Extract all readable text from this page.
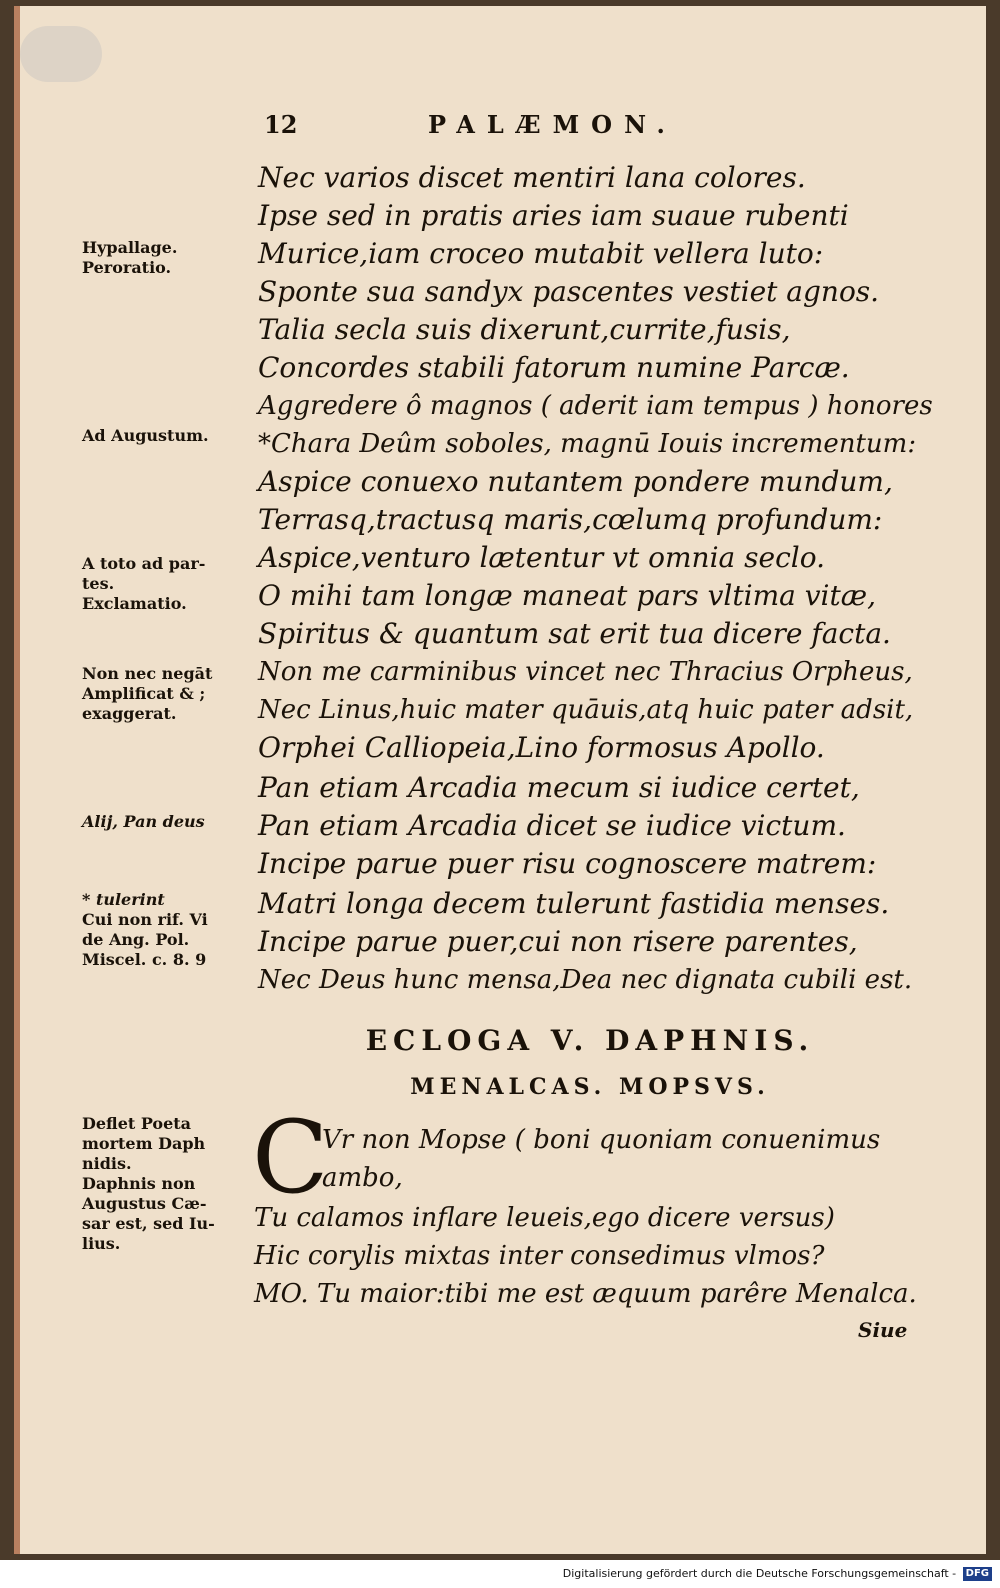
12	PALÆMON.
Nec varios discet mentiri lana colores.
Ipse sed in pratis aries iam suaue rubenti
Murice,iam croceo mutabit vellera luto:
Sponte sua sandyx pascentes vestiet agnos.
Talia secla suis dixerunt,currite,fusis,
Concordes stabili fatorum numine Parcæ.
Aggredere ô magnos ( aderit iam tempus ) honores
*Chara Deûm soboles, magnū Iouis incrementum:
Aspice conuexo nutantem pondere mundum,
Terrasq,tractusq maris,cœlumq profundum:
Aspice,venturo lætentur vt omnia seclo.
O mihi tam longæ maneat pars vltima vitæ,
Spiritus & quantum sat erit tua dicere facta.
Non me carminibus vincet nec Thracius Orpheus,
Nec Linus,huic mater quāuis,atq huic pater adsit,
Orphei Calliopeia,Lino formosus Apollo.
Pan etiam Arcadia mecum si iudice certet,
Pan etiam Arcadia dicet se iudice victum.
Incipe parue puer risu cognoscere matrem:
Matri longa decem tulerunt fastidia menses.
Incipe parue puer,cui non risere parentes,
Nec Deus hunc mensa,Dea nec dignata cubili est.
Hypallage.
Peroratio.
Ad Augustum.
A toto ad par-
tes.
Exclamatio.
Non nec negāt
Amplificat & ;
exaggerat.
Alij, Pan deus
* tulerint
Cui non rif. Vi
de Ang. Pol.
Miscel. c. 8. 9
Deflet Poeta
mortem Daph
nidis.
Daphnis non
Augustus Cæ-
sar est, sed Iu-
lius.
ECLOGA V. DAPHNIS.
MENALCAS. MOPSVS.
C
Vr non Mopse ( boni quoniam conuenimus
ambo,
Tu calamos inflare leueis,ego dicere versus)
Hic corylis mixtas inter consedimus vlmos?
MO. Tu maior:tibi me est æquum parêre Menalca.
Siue
Digitalisierung gefördert durch die Deutsche Forschungsgemeinschaft - DFG
